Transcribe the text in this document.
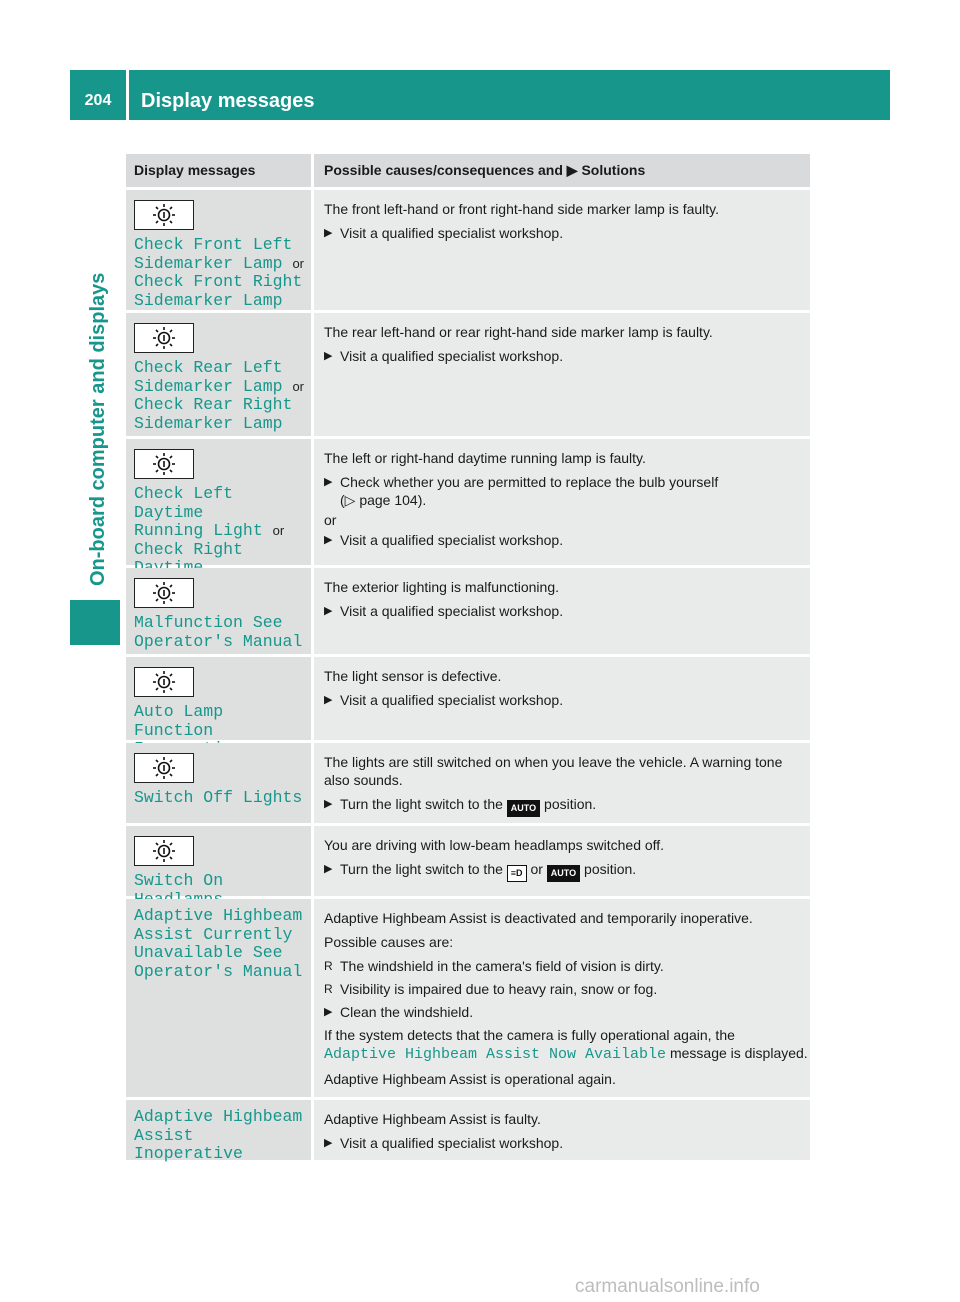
204	Display messages
On-board computer and displays
Display messages	Possible causes/consequences and ▶ Solutions
Check Front Left
Sidemarker Lamp or
Check Front Right
Sidemarker Lamp

The front left-hand or front right-hand side marker lamp is faulty.

▶ Visit a qualified specialist workshop.
Check Rear Left
Sidemarker Lamp or
Check Rear Right
Sidemarker Lamp

The rear left-hand or rear right-hand side marker lamp is faulty.

▶ Visit a qualified specialist workshop.
Check Left Daytime
Running Light or
Check Right

The left or right-hand daytime running lamp is faulty.

▶ Check whether you are permitted to replace the bulb yourself
(▷ page 104).
or
▶ Visit a qualified specialist workshop.
Malfunction See
Operator's Manual

The exterior lighting is malfunctioning.

▶ Visit a qualified specialist workshop.
Auto Lamp Function

The light sensor is defective.

▶ Visit a qualified specialist workshop.
Switch Off Lights

The lights are still switched on when you leave the vehicle. A warning tone also sounds.

▶ Turn the light switch to the AUTO position.
Switch On

You are driving with low-beam headlamps switched off.

▶ Turn the light switch to the ≡D or AUTO position.
Adaptive Highbeam
Assist Currently
Unavailable See
Operator's Manual

Adaptive Highbeam Assist is deactivated and temporarily inoperative.

Possible causes are:

R The windshield in the camera's field of vision is dirty.
R Visibility is impaired due to heavy rain, snow or fog.
▶ Clean the windshield.

If the system detects that the camera is fully operational again, the Adaptive Highbeam Assist Now Available message is displayed.

Adaptive Highbeam Assist is operational again.

Adaptive Highbeam
Assist Inoperative

Adaptive Highbeam Assist is faulty.

▶ Visit a qualified specialist workshop.
carmanualsonline.info
